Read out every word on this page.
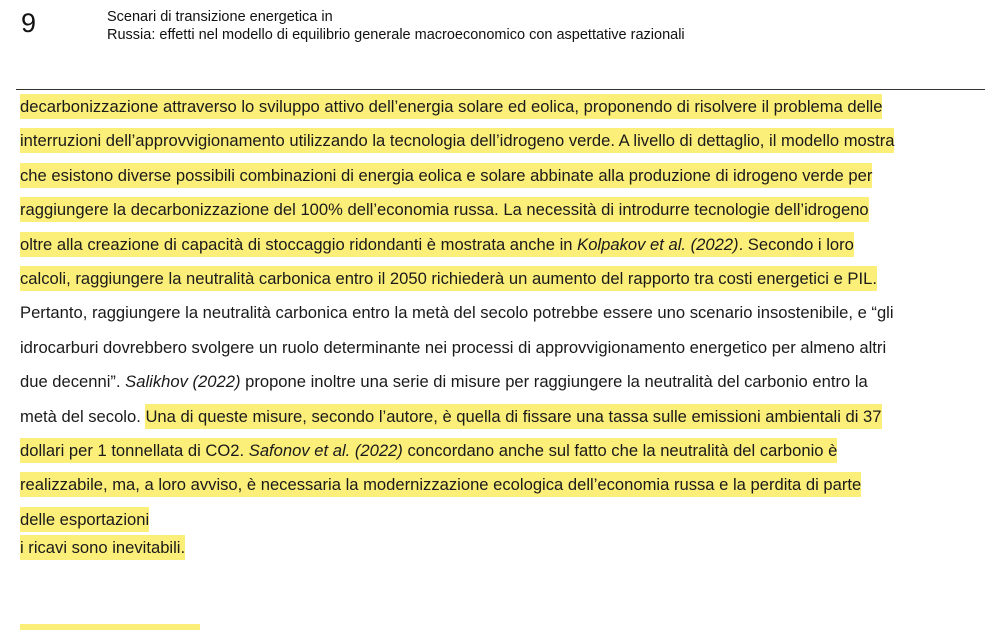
9	Scenari di transizione energetica in
Russia: effetti nel modello di equilibrio generale macroeconomico con aspettative razionali
decarbonizzazione attraverso lo sviluppo attivo dell’energia solare ed eolica, proponendo di risolvere il problema delle
interruzioni dell’approvvigionamento utilizzando la tecnologia dell’idrogeno verde. A livello di dettaglio, il modello mostra
che esistono diverse possibili combinazioni di energia eolica e solare abbinate alla produzione di idrogeno verde per
raggiungere la decarbonizzazione del 100% dell’economia russa. La necessità di introdurre tecnologie dell’idrogeno
oltre alla creazione di capacità di stoccaggio ridondanti è mostrata anche in Kolpakov et al. (2022). Secondo i loro
calcoli, raggiungere la neutralità carbonica entro il 2050 richiederà un aumento del rapporto tra costi energetici e PIL.
Pertanto, raggiungere la neutralità carbonica entro la metà del secolo potrebbe essere uno scenario insostenibile, e “gli
idrocarburi dovrebbero svolgere un ruolo determinante nei processi di approvvigionamento energetico per almeno altri
due decenni”. Salikhov (2022) propone inoltre una serie di misure per raggiungere la neutralità del carbonio entro la
metà del secolo. Una di queste misure, secondo l’autore, è quella di fissare una tassa sulle emissioni ambientali di 37
dollari per 1 tonnellata di CO2. Safonov et al. (2022) concordano anche sul fatto che la neutralità del carbonio è
realizzabile, ma, a loro avviso, è necessaria la modernizzazione ecologica dell’economia russa e la perdita di parte
delle esportazioni
i ricavi sono inevitabili.
